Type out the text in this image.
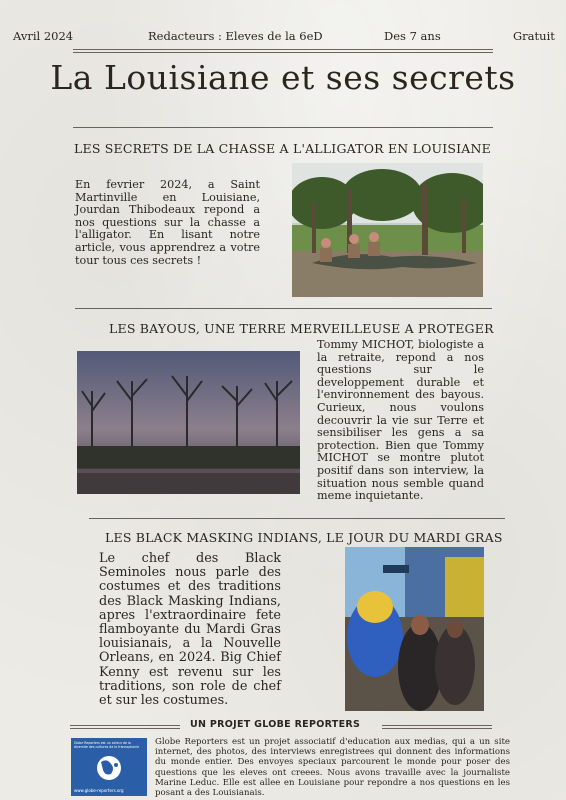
Avril 2024	Redacteurs : Eleves de la 6eD	Des 7 ans	Gratuit
La Louisiane et ses secrets
LES SECRETS DE LA CHASSE A L'ALLIGATOR EN LOUISIANE
En fevrier 2024, a Saint Martinville en Louisiane, Jourdan Thibodeaux repond a nos questions sur la chasse a l'alligator. En lisant notre article, vous apprendrez a votre tour tous ces secrets !
LES BAYOUS, UNE TERRE MERVEILLEUSE A PROTEGER
Tommy MICHOT, biologiste a la retraite, repond a nos questions sur le developpement durable et l'environnement des bayous. Curieux, nous voulons decouvrir la vie sur Terre et sensibiliser les gens a sa protection. Bien que Tommy MICHOT se montre plutot positif dans son interview, la situation nous semble quand meme inquietante.
LES BLACK MASKING INDIANS, LE JOUR DU MARDI GRAS
Le chef des Black Seminoles nous parle des costumes et des traditions des Black Masking Indians, apres l'extraordinaire fete flamboyante du Mardi Gras louisianais, a la Nouvelle Orleans, en 2024. Big Chief Kenny est revenu sur les traditions, son role de chef et sur les costumes.
UN PROJET GLOBE REPORTERS
Globe Reporters est un acteur de la diversite des cultures de la francophonie
www.globe-reporters.org
Globe Reporters est un projet associatif d'education aux medias, qui a un site internet, des photos, des interviews enregistrees qui donnent des informations du monde entier. Des envoyes speciaux parcourent le monde pour poser des questions que les eleves ont creees. Nous avons travaille avec la journaliste Marine Leduc. Elle est allee en Louisiane pour repondre a nos questions en les posant a des Louisianais.
